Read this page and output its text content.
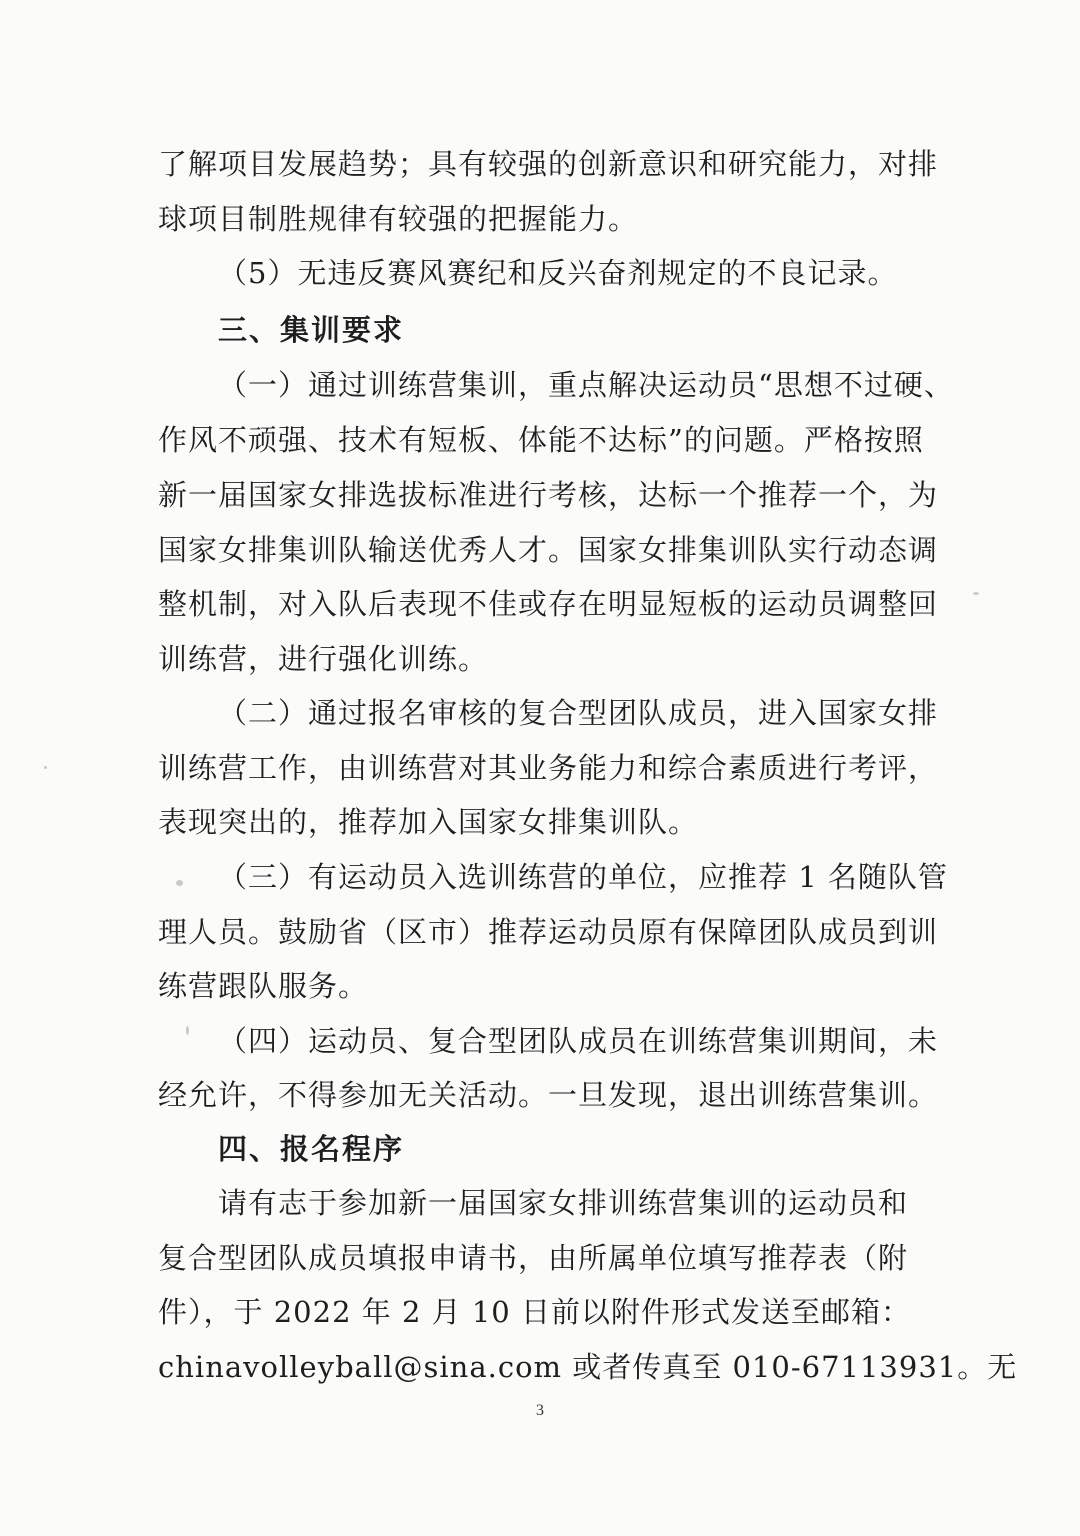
了解项目发展趋势；具有较强的创新意识和研究能力，对排
球项目制胜规律有较强的把握能力。
（5）无违反赛风赛纪和反兴奋剂规定的不良记录。
三、集训要求
（一）通过训练营集训，重点解决运动员“思想不过硬、
作风不顽强、技术有短板、体能不达标”的问题。严格按照
新一届国家女排选拔标准进行考核，达标一个推荐一个，为
国家女排集训队输送优秀人才。国家女排集训队实行动态调
整机制，对入队后表现不佳或存在明显短板的运动员调整回
训练营，进行强化训练。
（二）通过报名审核的复合型团队成员，进入国家女排
训练营工作，由训练营对其业务能力和综合素质进行考评，
表现突出的，推荐加入国家女排集训队。
（三）有运动员入选训练营的单位，应推荐 1 名随队管
理人员。鼓励省（区市）推荐运动员原有保障团队成员到训
练营跟队服务。
（四）运动员、复合型团队成员在训练营集训期间，未
经允许，不得参加无关活动。一旦发现，退出训练营集训。
四、报名程序
请有志于参加新一届国家女排训练营集训的运动员和
复合型团队成员填报申请书，由所属单位填写推荐表（附
件），于 2022 年 2 月 10 日前以附件形式发送至邮箱：
chinavolleyball@sina.com 或者传真至 010-67113931。无
3
